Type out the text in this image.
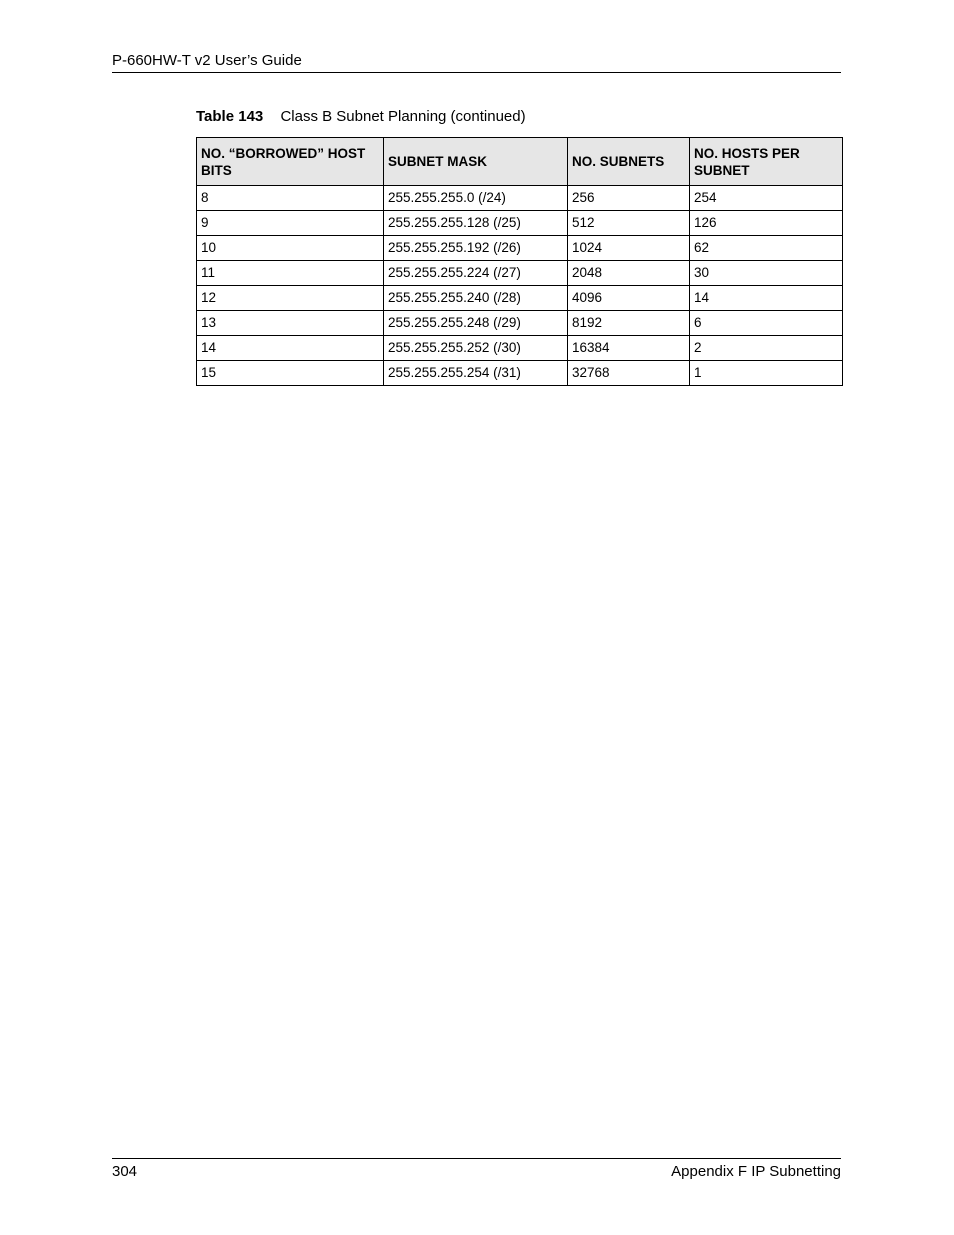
P-660HW-T v2 User’s Guide
Table 143 Class B Subnet Planning (continued)
NO. “BORROWED” HOST BITS	SUBNET MASK	NO. SUBNETS	NO. HOSTS PER SUBNET
8	255.255.255.0 (/24)	256	254
9	255.255.255.128 (/25)	512	126
10	255.255.255.192 (/26)	1024	62
11	255.255.255.224 (/27)	2048	30
12	255.255.255.240 (/28)	4096	14
13	255.255.255.248 (/29)	8192	6
14	255.255.255.252 (/30)	16384	2
15	255.255.255.254 (/31)	32768	1
304	Appendix F IP Subnetting
